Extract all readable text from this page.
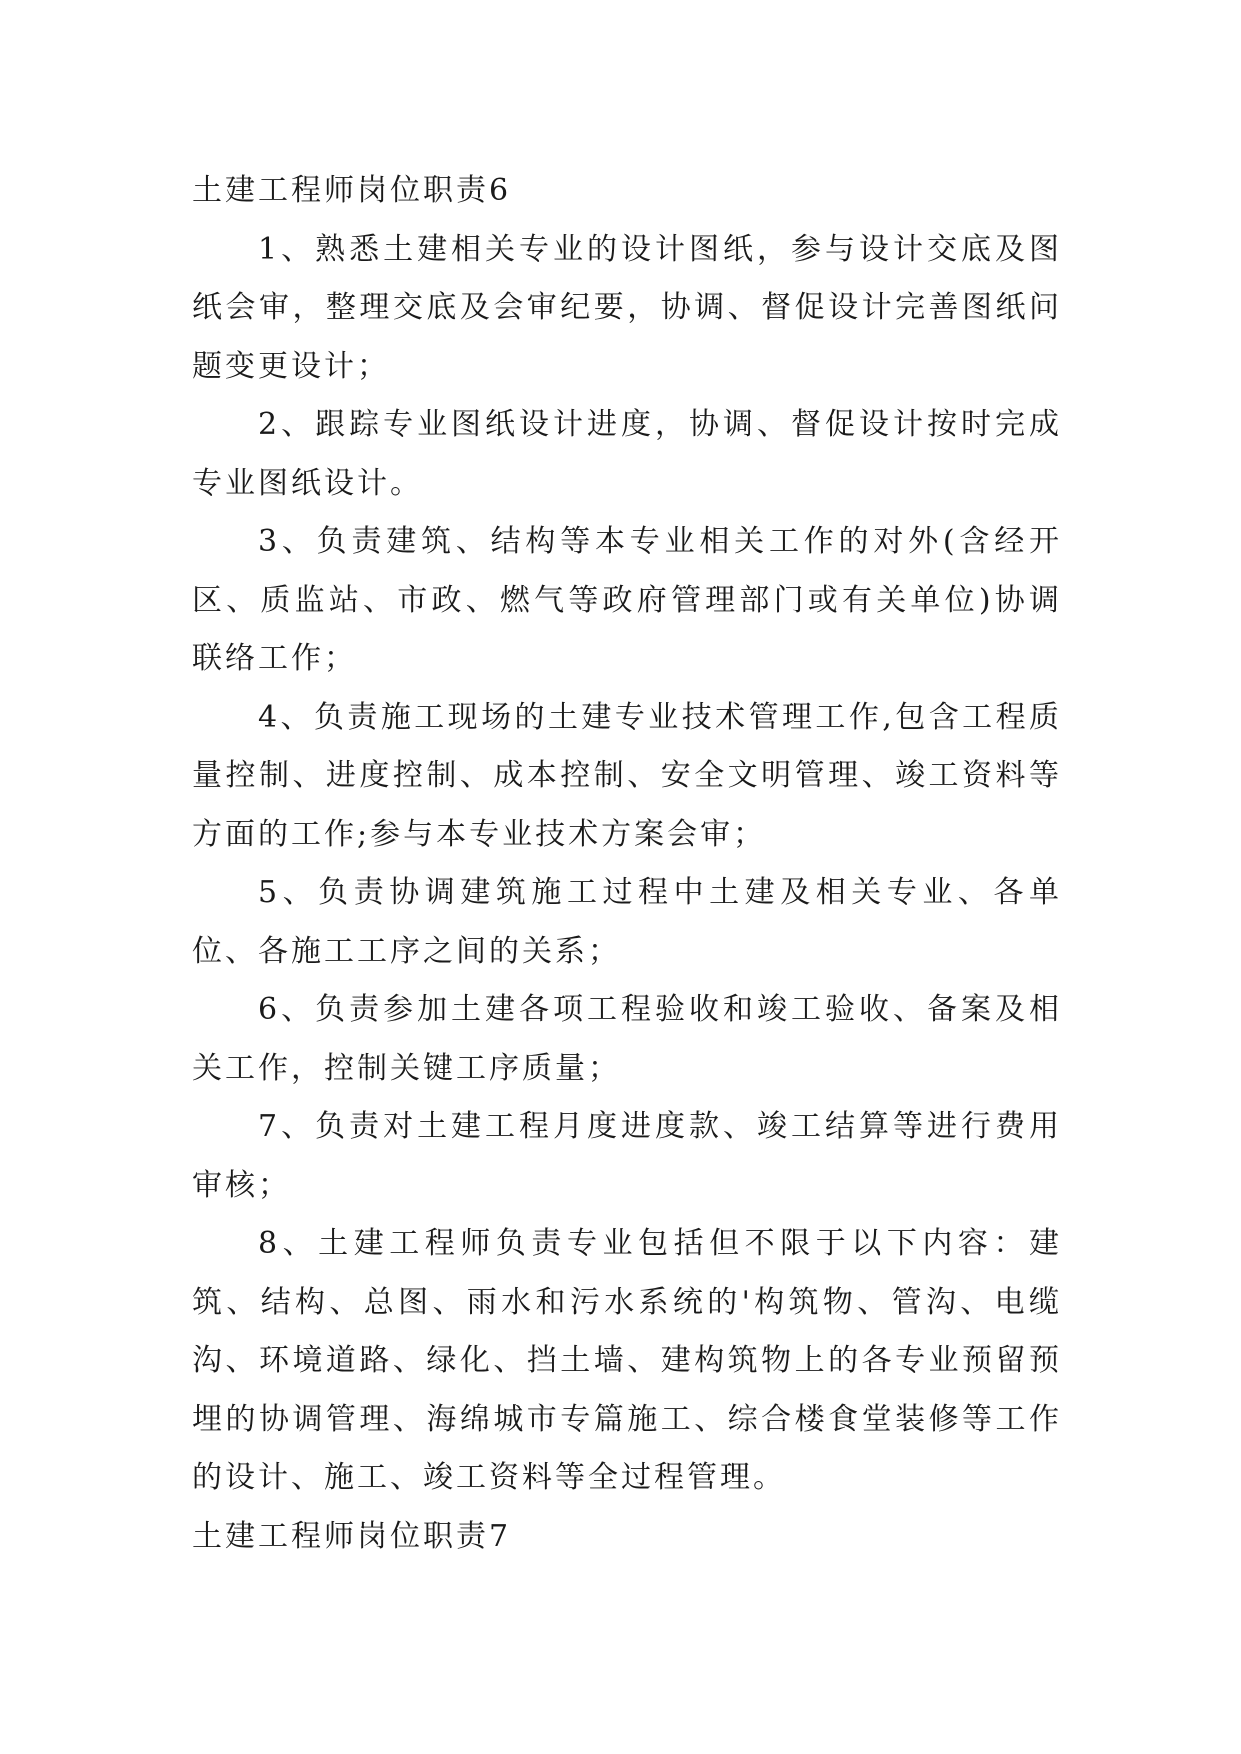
土建工程师岗位职责6

1、熟悉土建相关专业的设计图纸，参与设计交底及图纸会审，整理交底及会审纪要，协调、督促设计完善图纸问题变更设计；

2、跟踪专业图纸设计进度，协调、督促设计按时完成专业图纸设计。

3、负责建筑、结构等本专业相关工作的对外(含经开区、质监站、市政、燃气等政府管理部门或有关单位)协调联络工作；

4、负责施工现场的土建专业技术管理工作,包含工程质量控制、进度控制、成本控制、安全文明管理、竣工资料等方面的工作;参与本专业技术方案会审；

5、负责协调建筑施工过程中土建及相关专业、各单位、各施工工序之间的关系；

6、负责参加土建各项工程验收和竣工验收、备案及相关工作，控制关键工序质量；

7、负责对土建工程月度进度款、竣工结算等进行费用审核；

8、土建工程师负责专业包括但不限于以下内容：建筑、结构、总图、雨水和污水系统的'构筑物、管沟、电缆沟、环境道路、绿化、挡土墙、建构筑物上的各专业预留预埋的协调管理、海绵城市专篇施工、综合楼食堂装修等工作的设计、施工、竣工资料等全过程管理。

土建工程师岗位职责7
